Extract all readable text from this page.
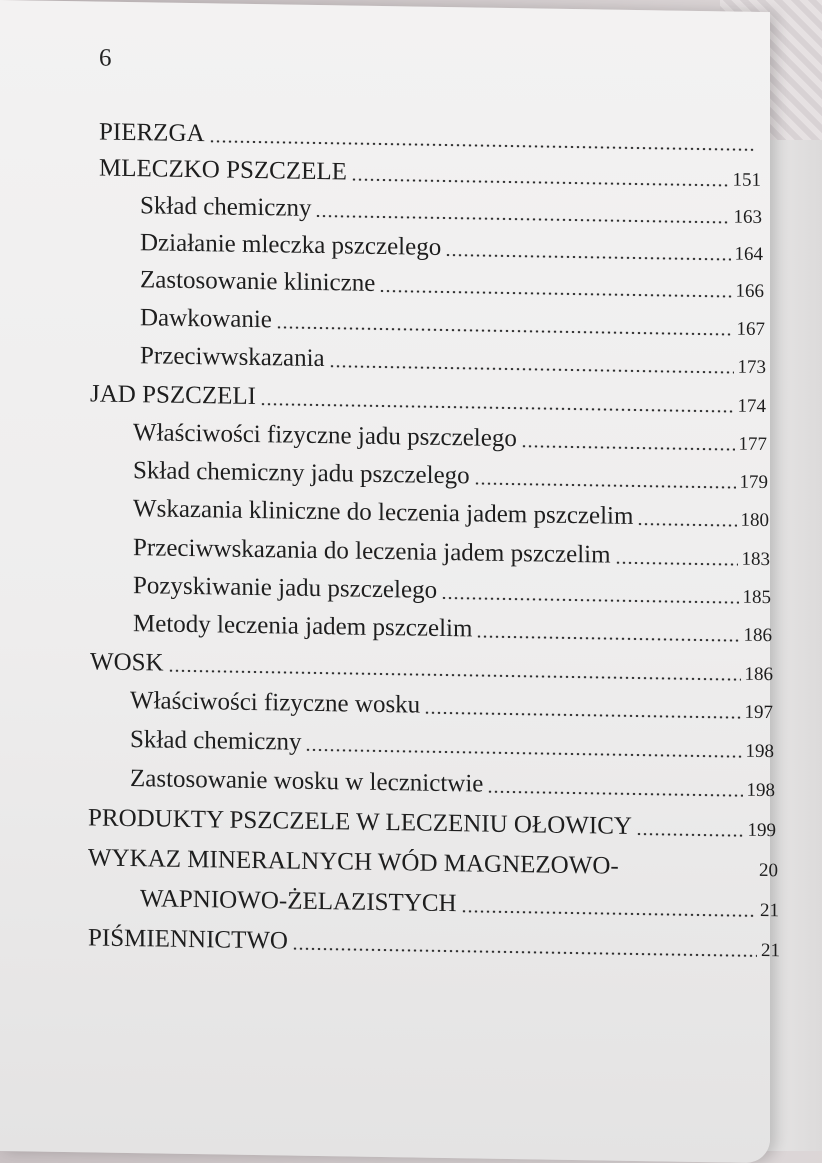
6
PIERZGA
MLECZKO PSZCZELE	151
Skład chemiczny	163
Działanie mleczka pszczelego	164
Zastosowanie kliniczne	166
Dawkowanie	167
Przeciwwskazania	173
JAD PSZCZELI	174
Właściwości fizyczne jadu pszczelego	177
Skład chemiczny jadu pszczelego	179
Wskazania kliniczne do leczenia jadem pszczelim	180
Przeciwwskazania do leczenia jadem pszczelim	183
Pozyskiwanie jadu pszczelego	185
Metody leczenia jadem pszczelim	186
WOSK	186
Właściwości fizyczne wosku	197
Skład chemiczny	198
Zastosowanie wosku w lecznictwie	198
PRODUKTY PSZCZELE W LECZENIU OŁOWICY	199
WYKAZ MINERALNYCH WÓD MAGNEZOWO-	20
WAPNIOWO-ŻELAZISTYCH	21
PIŚMIENNICTWO	21
